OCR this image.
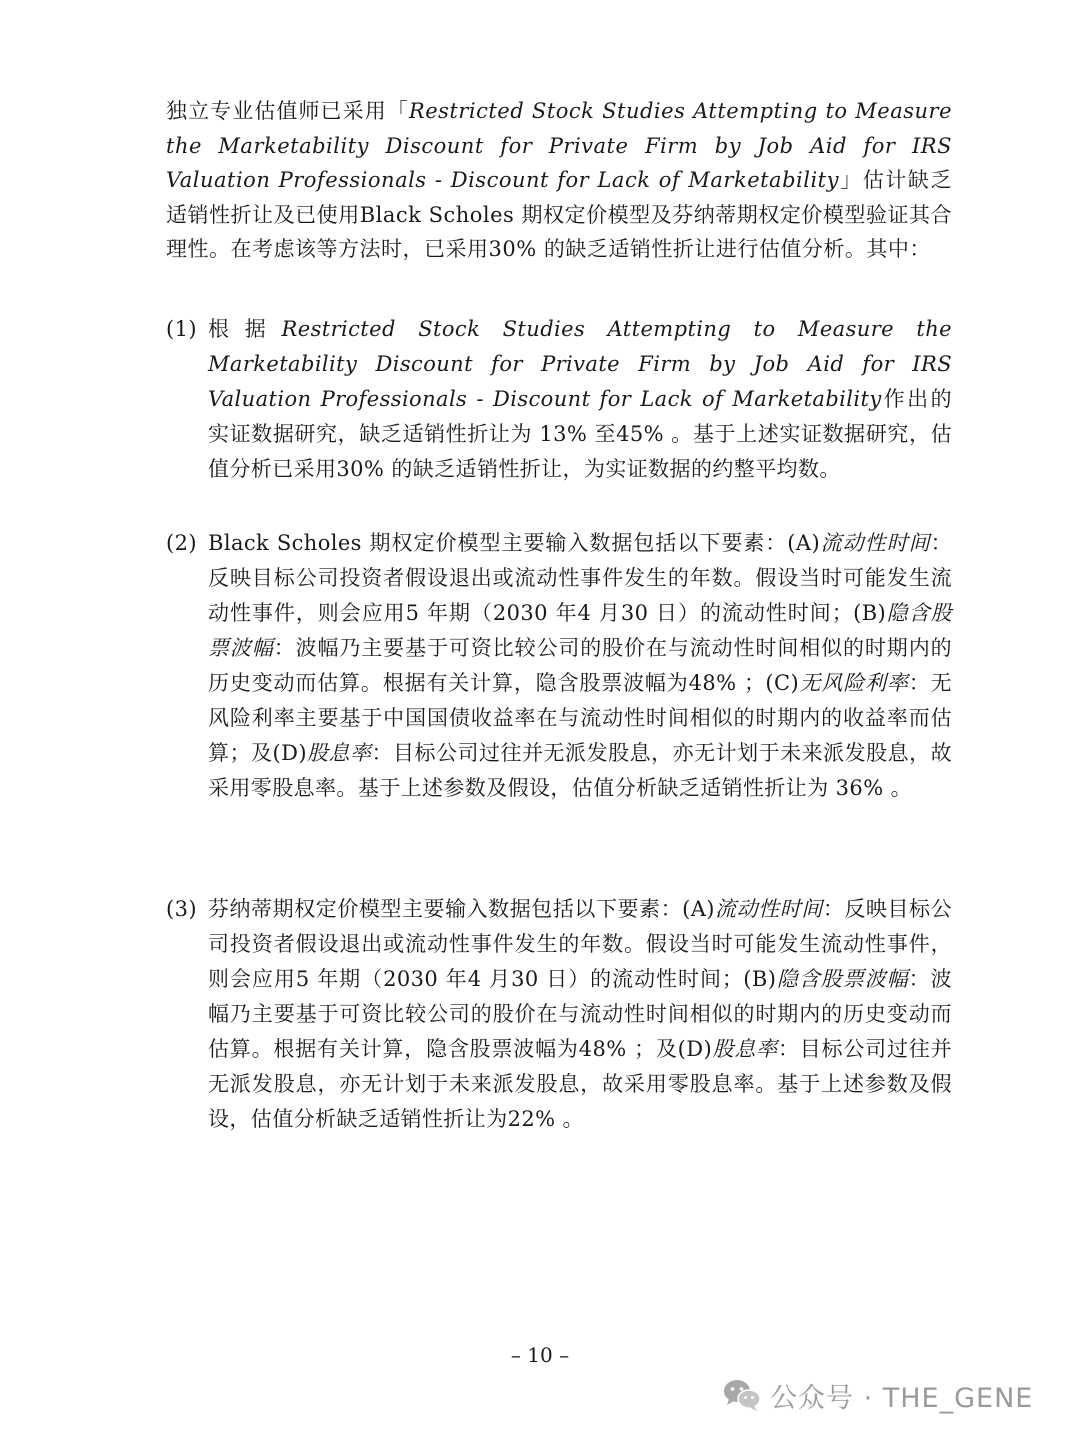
独立专业估值师已采用「Restricted Stock Studies Attempting to Measure the Marketability Discount for Private Firm by Job Aid for IRS Valuation Professionals - Discount for Lack of Marketability」估计缺乏适销性折让及已使用Black Scholes 期权定价模型及芬纳蒂期权定价模型验证其合理性。在考虑该等方法时，已采用30% 的缺乏适销性折让进行估值分析。其中：

(1) 根据Restricted Stock Studies Attempting to Measure the Marketability Discount for Private Firm by Job Aid for IRS Valuation Professionals - Discount for Lack of Marketability作出的实证数据研究，缺乏适销性折让为 13% 至45% 。基于上述实证数据研究，估值分析已采用30% 的缺乏适销性折让，为实证数据的约整平均数。
(2) Black Scholes 期权定价模型主要输入数据包括以下要素：(A)流动性时间：反映目标公司投资者假设退出或流动性事件发生的年数。假设当时可能发生流动性事件，则会应用5 年期（2030 年4 月30 日）的流动性时间；(B)隐含股票波幅：波幅乃主要基于可资比较公司的股价在与流动性时间相似的时期内的历史变动而估算。根据有关计算，隐含股票波幅为48% ；(C)无风险利率：无风险利率主要基于中国国债收益率在与流动性时间相似的时期内的收益率而估算；及(D)股息率：目标公司过往并无派发股息，亦无计划于未来派发股息，故采用零股息率。基于上述参数及假设，估值分析缺乏适销性折让为 36% 。
(3) 芬纳蒂期权定价模型主要输入数据包括以下要素：(A)流动性时间：反映目标公司投资者假设退出或流动性事件发生的年数。假设当时可能发生流动性事件，则会应用5 年期（2030 年4 月30 日）的流动性时间；(B)隐含股票波幅：波幅乃主要基于可资比较公司的股价在与流动性时间相似的时期内的历史变动而估算。根据有关计算，隐含股票波幅为48% ；及(D)股息率：目标公司过往并无派发股息，亦无计划于未来派发股息，故采用零股息率。基于上述参数及假设，估值分析缺乏适销性折让为22% 。
– 10 –
公众号 · THE_GENE
